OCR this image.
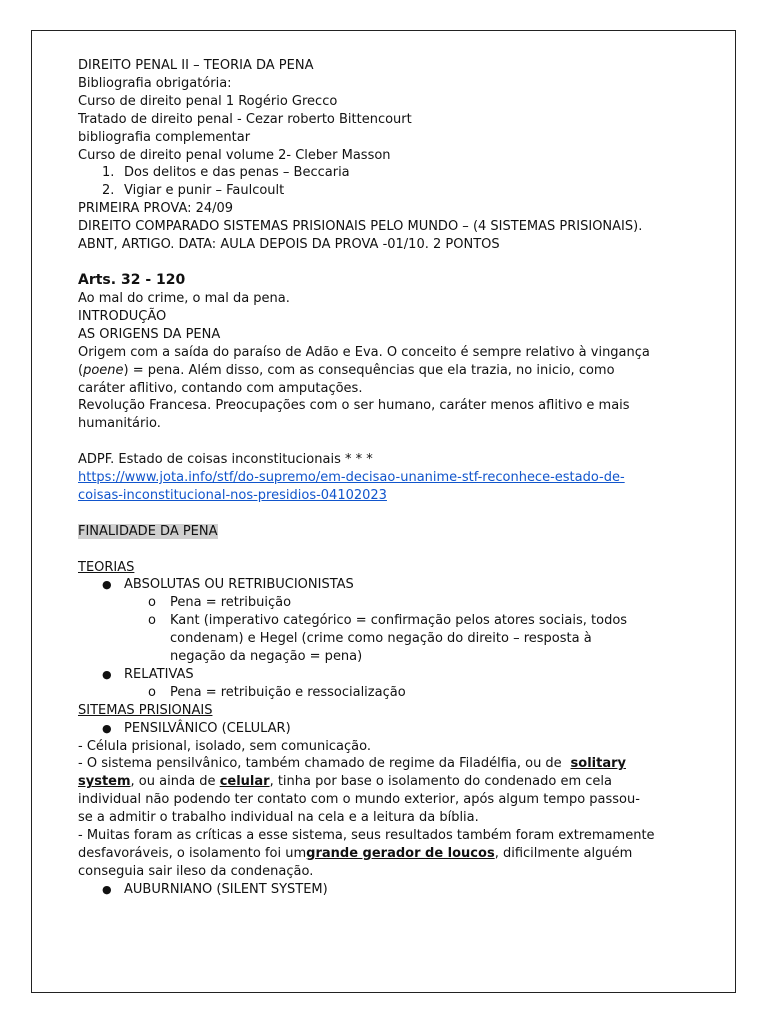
DIREITO PENAL II – TEORIA DA PENA
Bibliografia obrigatória:
Curso de direito penal 1 Rogério Grecco
Tratado de direito penal - Cezar roberto Bittencourt
bibliografia complementar
Curso de direito penal volume 2- Cleber Masson
1. Dos delitos e das penas – Beccaria
2. Vigiar e punir – Faulcoult
PRIMEIRA PROVA: 24/09
DIREITO COMPARADO SISTEMAS PRISIONAIS PELO MUNDO – (4 SISTEMAS PRISIONAIS).
ABNT, ARTIGO. DATA: AULA DEPOIS DA PROVA -01/10. 2 PONTOS
Arts. 32 - 120
Ao mal do crime, o mal da pena.
INTRODUÇÃO
AS ORIGENS DA PENA
Origem com a saída do paraíso de Adão e Eva. O conceito é sempre relativo à vingança
(poene) = pena. Além disso, com as consequências que ela trazia, no inicio, como
caráter aflitivo, contando com amputações.
Revolução Francesa. Preocupações com o ser humano, caráter menos aflitivo e mais
humanitário.
ADPF. Estado de coisas inconstitucionais * * *
https://www.jota.info/stf/do-supremo/em-decisao-unanime-stf-reconhece-estado-de-
coisas-inconstitucional-nos-presidios-04102023
FINALIDADE DA PENA
TEORIAS
● ABSOLUTAS OU RETRIBUCIONISTAS
o Pena = retribuição
o Kant (imperativo categórico = confirmação pelos atores sociais, todos
condenam) e Hegel (crime como negação do direito – resposta à
negação da negação = pena)
● RELATIVAS
o Pena = retribuição e ressocialização
SITEMAS PRISIONAIS
● PENSILVÂNICO (CELULAR)
- Célula prisional, isolado, sem comunicação.
- O sistema pensilvânico, também chamado de regime da Filadélfia, ou de solitary
system, ou ainda de celular, tinha por base o isolamento do condenado em cela
individual não podendo ter contato com o mundo exterior, após algum tempo passou-
se a admitir o trabalho individual na cela e a leitura da bíblia.
- Muitas foram as críticas a esse sistema, seus resultados também foram extremamente
desfavoráveis, o isolamento foi um grande gerador de loucos , dificilmente alguém
conseguia sair ileso da condenação.
● AUBURNIANO (SILENT SYSTEM)
